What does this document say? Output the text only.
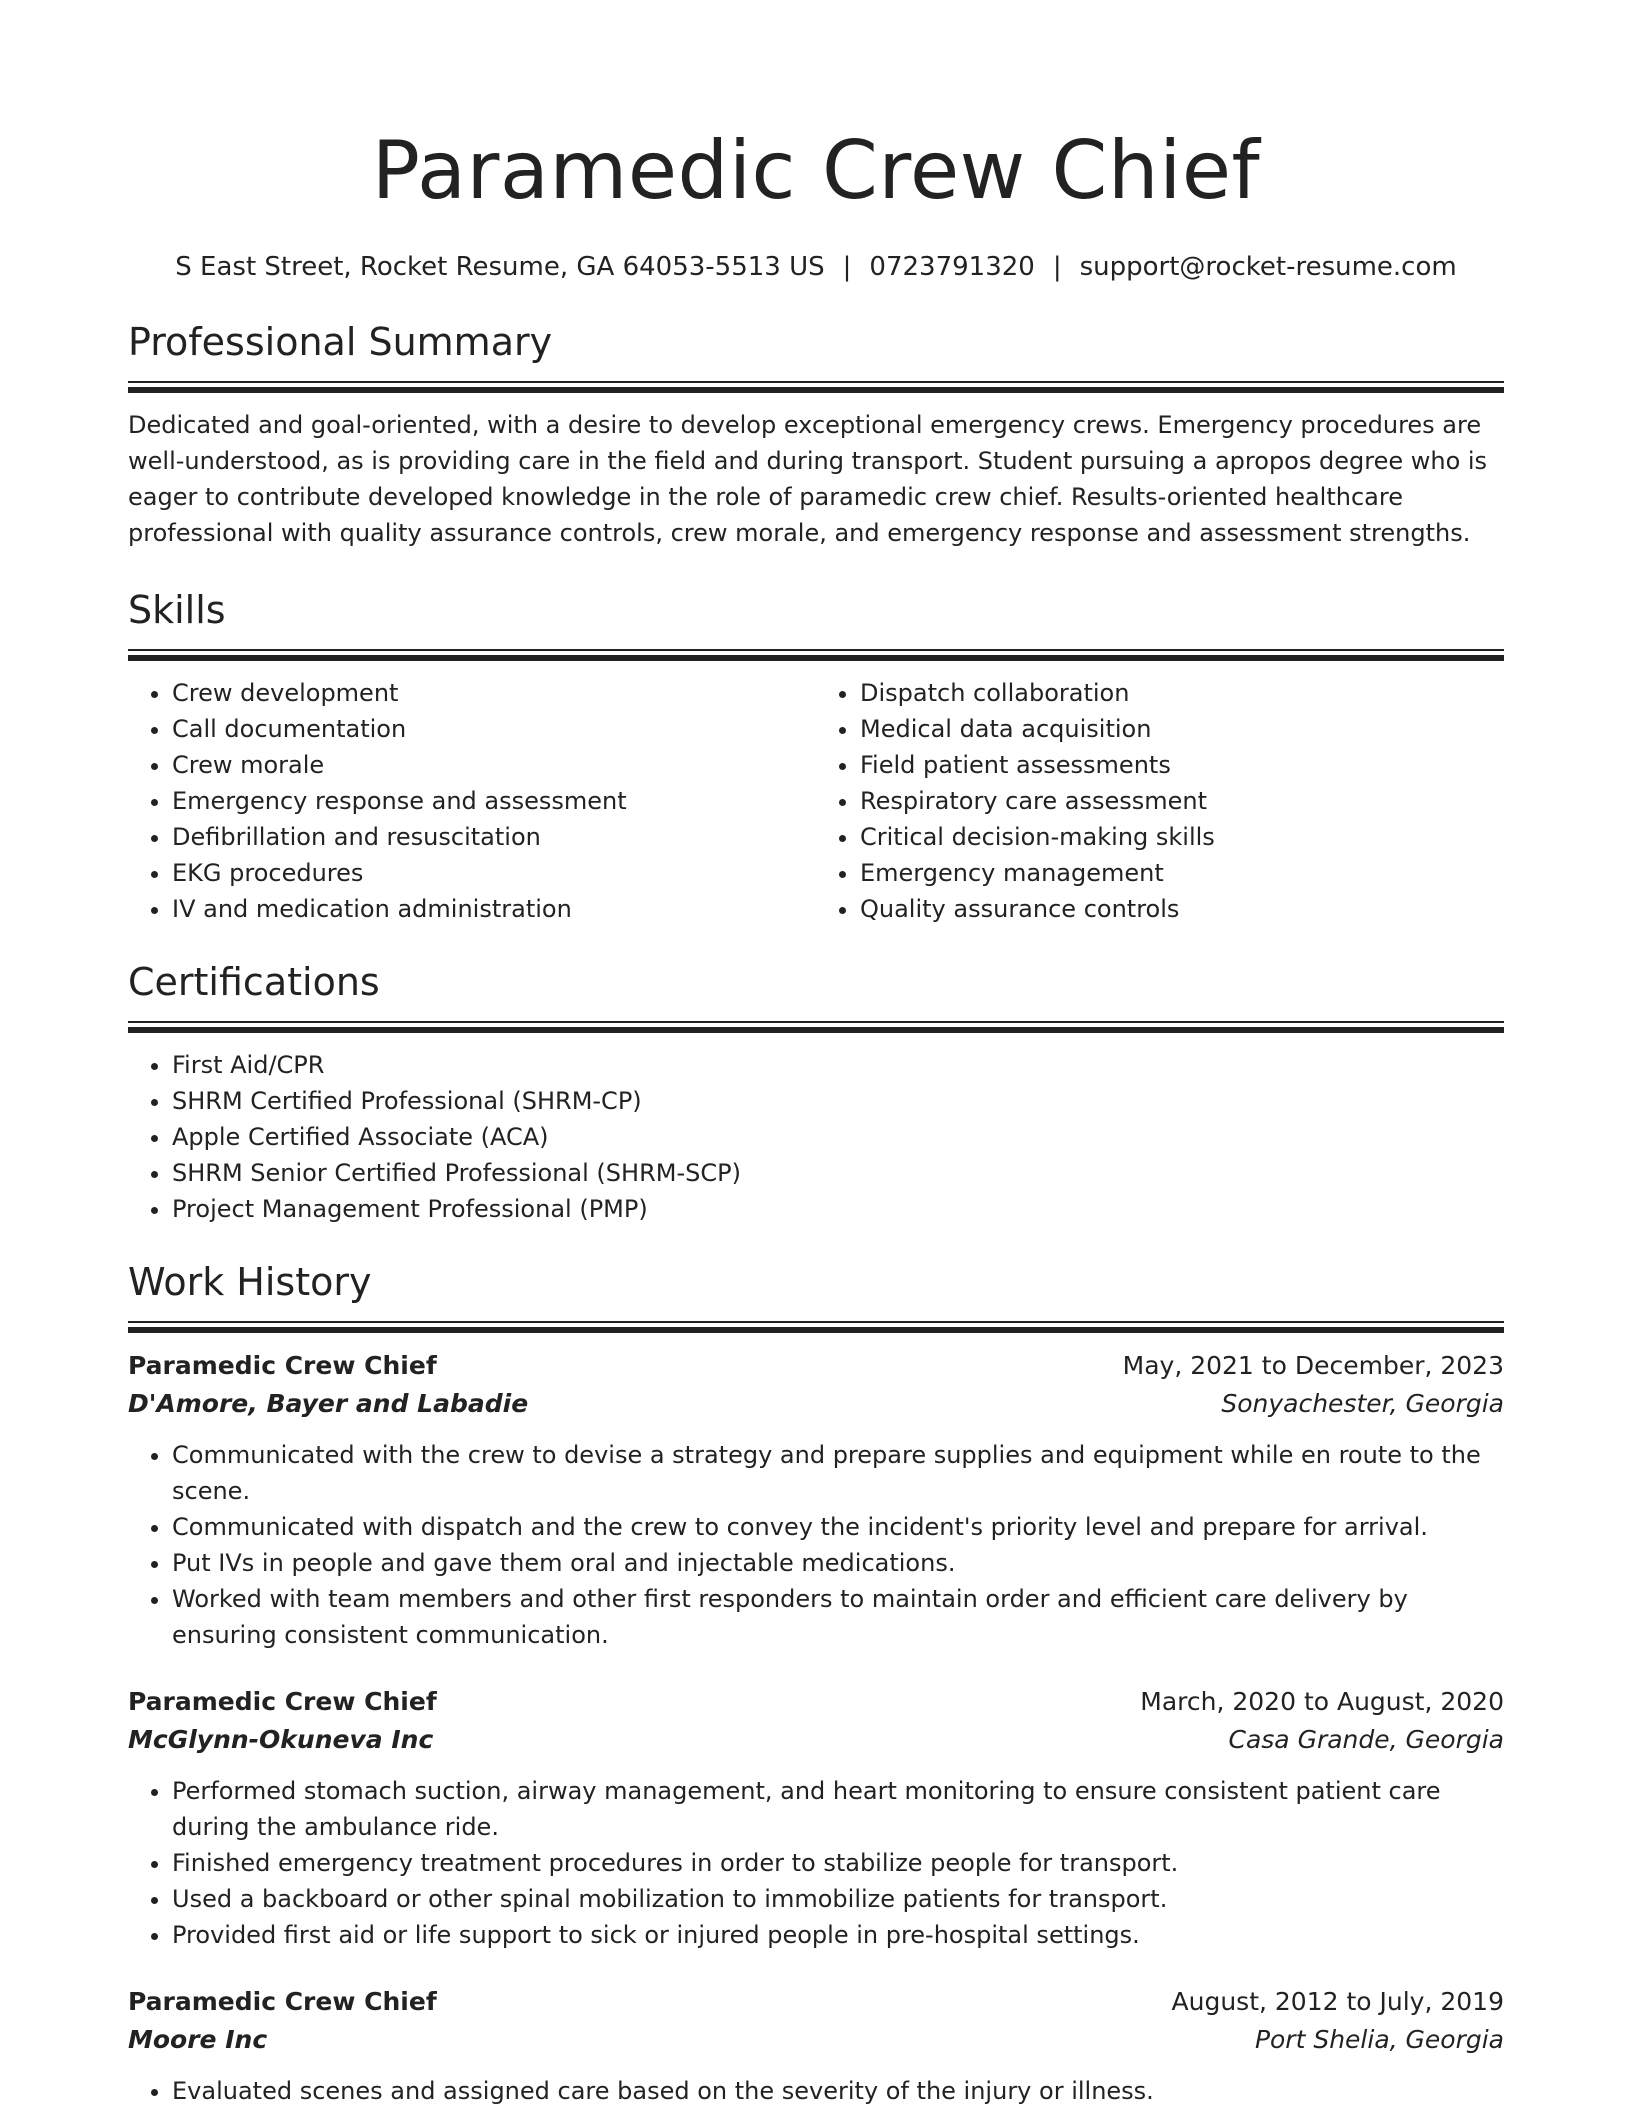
Paramedic Crew Chief
S East Street, Rocket Resume, GA 64053-5513 US | 0723791320 | support@rocket-resume.com
Professional Summary

Dedicated and goal-oriented, with a desire to develop exceptional emergency crews. Emergency procedures are well-understood, as is providing care in the field and during transport. Student pursuing a apropos degree who is eager to contribute developed knowledge in the role of paramedic crew chief. Results-oriented healthcare professional with quality assurance controls, crew morale, and emergency response and assessment strengths.

Skills
• Crew development
• Call documentation
• Crew morale
• Emergency response and assessment
• Defibrillation and resuscitation
• EKG procedures
• IV and medication administration
• Dispatch collaboration
• Medical data acquisition
• Field patient assessments
• Respiratory care assessment
• Critical decision-making skills
• Emergency management
• Quality assurance controls
Certifications
• First Aid/CPR
• SHRM Certified Professional (SHRM-CP)
• Apple Certified Associate (ACA)
• SHRM Senior Certified Professional (SHRM-SCP)
• Project Management Professional (PMP)
Work History
Paramedic Crew Chief	May, 2021 to December, 2023
D'Amore, Bayer and Labadie	Sonyachester, Georgia
• Communicated with the crew to devise a strategy and prepare supplies and equipment while en route to the scene.
• Communicated with dispatch and the crew to convey the incident's priority level and prepare for arrival.
• Put IVs in people and gave them oral and injectable medications.
• Worked with team members and other first responders to maintain order and efficient care delivery by ensuring consistent communication.
Paramedic Crew Chief	March, 2020 to August, 2020
McGlynn-Okuneva Inc	Casa Grande, Georgia
• Performed stomach suction, airway management, and heart monitoring to ensure consistent patient care during the ambulance ride.
• Finished emergency treatment procedures in order to stabilize people for transport.
• Used a backboard or other spinal mobilization to immobilize patients for transport.
• Provided first aid or life support to sick or injured people in pre-hospital settings.
Paramedic Crew Chief	August, 2012 to July, 2019
Moore Inc	Port Shelia, Georgia
• Evaluated scenes and assigned care based on the severity of the injury or illness.
